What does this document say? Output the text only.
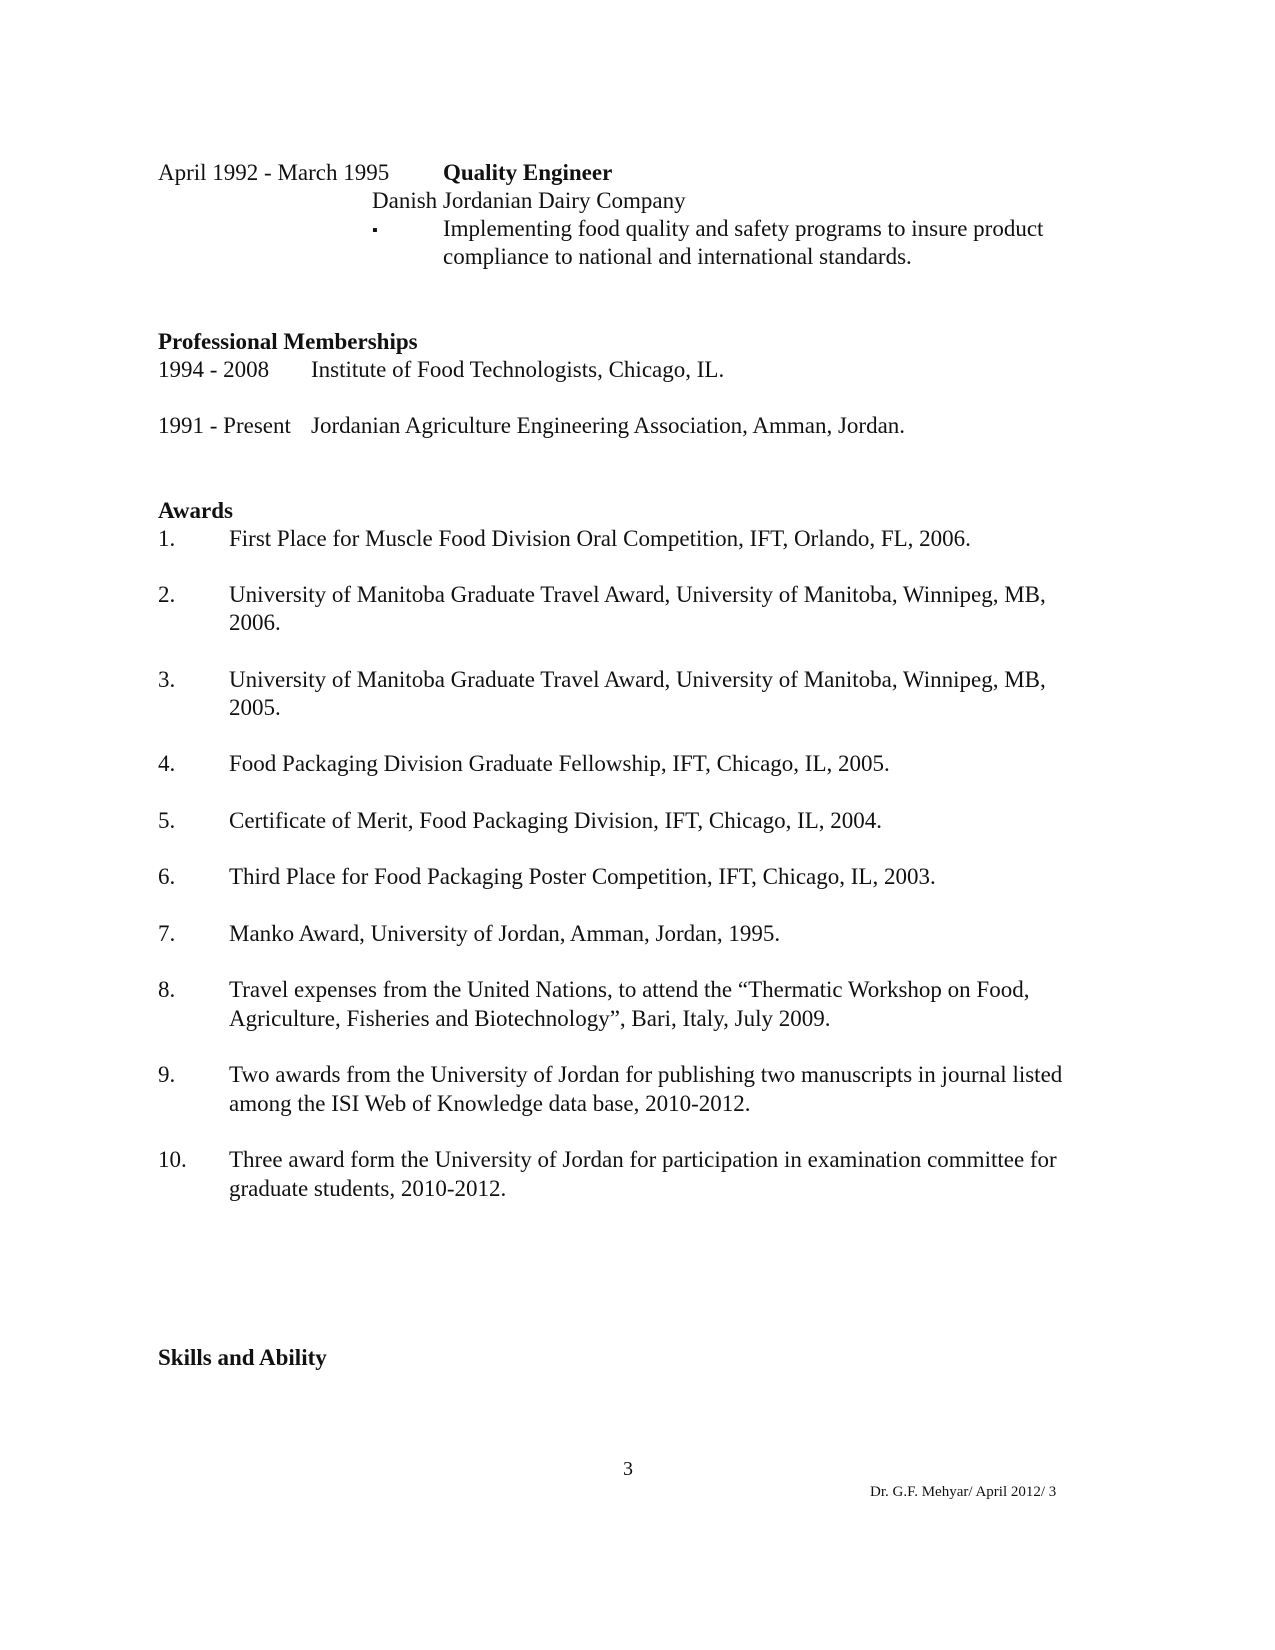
April 1992 - March 1995 Quality Engineer
Danish Jordanian Dairy Company
▪	Implementing food quality and safety programs to insure product
compliance to national and international standards.
Professional Memberships
1994 - 2008 Institute of Food Technologists, Chicago, IL.
1991 - Present Jordanian Agriculture Engineering Association, Amman, Jordan.
Awards
1. First Place for Muscle Food Division Oral Competition, IFT, Orlando, FL, 2006.
2. University of Manitoba Graduate Travel Award, University of Manitoba, Winnipeg, MB,
2006.
3. University of Manitoba Graduate Travel Award, University of Manitoba, Winnipeg, MB,
2005.
4. Food Packaging Division Graduate Fellowship, IFT, Chicago, IL, 2005.
5. Certificate of Merit, Food Packaging Division, IFT, Chicago, IL, 2004.
6. Third Place for Food Packaging Poster Competition, IFT, Chicago, IL, 2003.
7. Manko Award, University of Jordan, Amman, Jordan, 1995.
8. Travel expenses from the United Nations, to attend the “Thermatic Workshop on Food,
Agriculture, Fisheries and Biotechnology”, Bari, Italy, July 2009.
9. Two awards from the University of Jordan for publishing two manuscripts in journal listed
among the ISI Web of Knowledge data base, 2010-2012.
10. Three award form the University of Jordan for participation in examination committee for
graduate students, 2010-2012.
Skills and Ability
3
Dr. G.F. Mehyar/ April 2012/ 3
